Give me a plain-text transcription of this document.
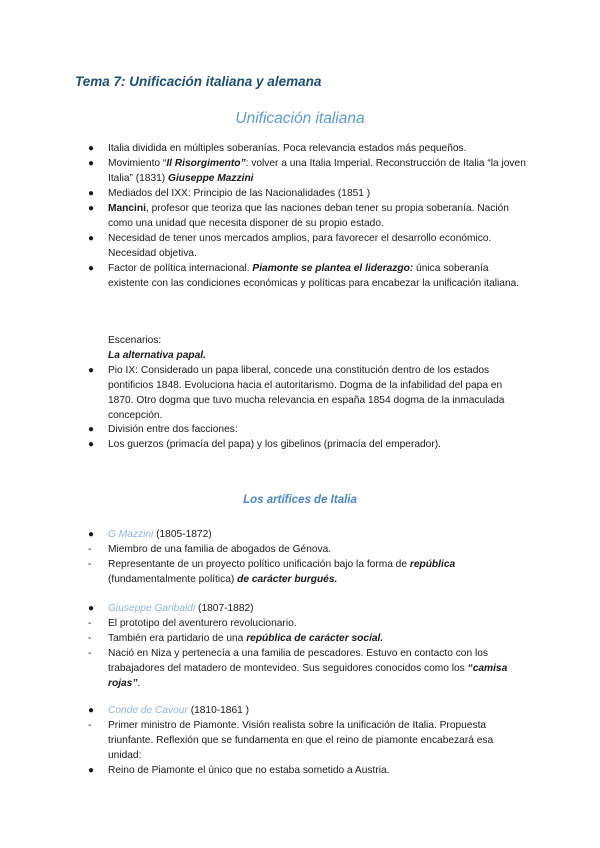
Tema 7: Unificación italiana y alemana
Unificación italiana
●	Italia dividida en múltiples soberanías. Poca relevancia estados más pequeños.
●	Movimiento “Il Risorgimento”: volver a una Italia Imperial. Reconstrucción de Italia “la joven Italia” (1831) Giuseppe Mazzini
●	Mediados del IXX: Principio de las Nacionalidades (1851 )
●	Mancini, profesor que teoriza que las naciones deban tener su propia soberanía. Nación como una unidad que necesita disponer de su propio estado.
●	Necesidad de tener unos mercados amplios, para favorecer el desarrollo económico. Necesidad objetiva.
●	Factor de política internacional. Piamonte se plantea el liderazgo: única soberanía existente con las condiciones económicas y políticas para encabezar la unificación italiana.
Escenarios:
La alternativa papal.
●	Pio IX: Considerado un papa liberal, concede una constitución dentro de los estados pontificios 1848. Evoluciona hacia el autoritarismo. Dogma de la infabilidad del papa en 1870. Otro dogma que tuvo mucha relevancia en españa 1854 dogma de la inmaculada concepción.
●	División entre dos facciones:
●	Los guerzos (primacía del papa) y los gibelinos (primacía del emperador).
Los artífices de Italia
●	G Mazzini (1805-1872)
-	Miembro de una familia de abogados de Génova.
-	Representante de un proyecto político unificación bajo la forma de república (fundamentalmente política) de carácter burgués.
●	Giuseppe Garibaldi (1807-1882)
-	El prototipo del aventurero revolucionario.
-	También era partidario de una república de carácter social.
-	Nació en Niza y pertenecía a una familia de pescadores. Estuvo en contacto con los trabajadores del matadero de montevideo. Sus seguidores conocidos como los “camisa rojas”.
●	Conde de Cavour (1810-1861 )
-	Primer ministro de Piamonte. Visión realista sobre la unificación de Italia. Propuesta triunfante. Reflexión que se fundamenta en que el reino de piamonte encabezará esa unidad:
●	Reino de Piamonte el único que no estaba sometido a Austria.
